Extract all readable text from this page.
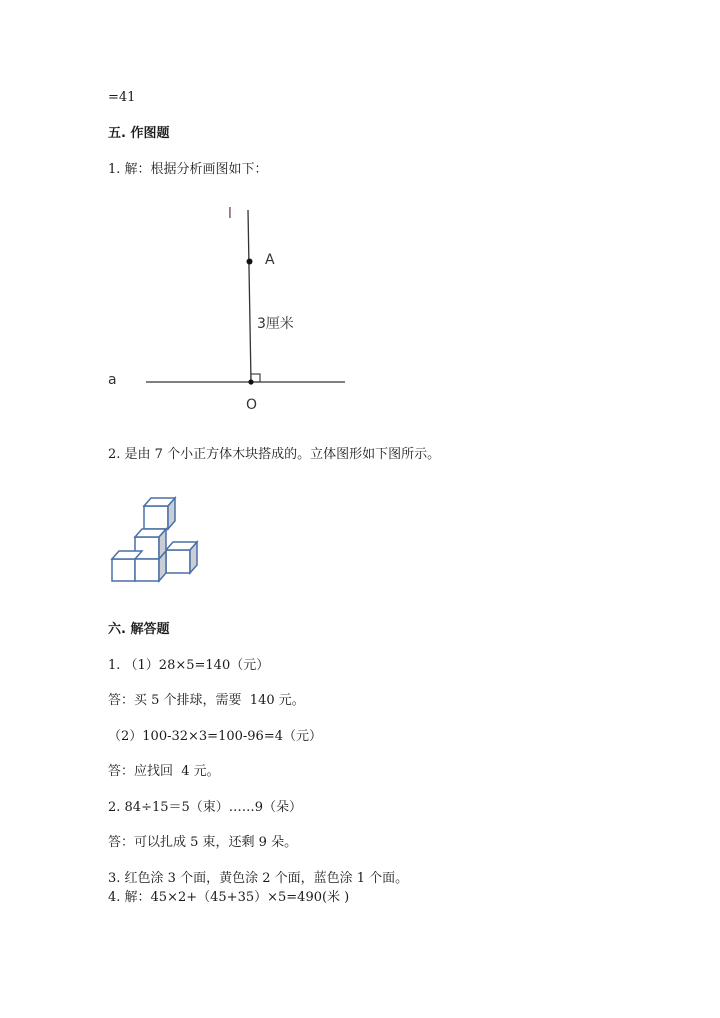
=41
五. 作图题
1. 解：根据分析画图如下：
l
A
3厘米
a
O
2. 是由 7 个小正方体木块搭成的。立体图形如下图所示。
六. 解答题
1. （1）28×5=140（元）
答：买 5 个排球，需要  140 元。
（2）100-32×3=100-96=4（元）
答：应找回  4 元。
2. 84÷15＝5（束）……9（朵）
答：可以扎成 5 束，还剩 9 朵。
3. 红色涂 3 个面，黄色涂 2 个面，蓝色涂 1 个面。
4. 解：45×2+（45+35）×5=490(米 )
